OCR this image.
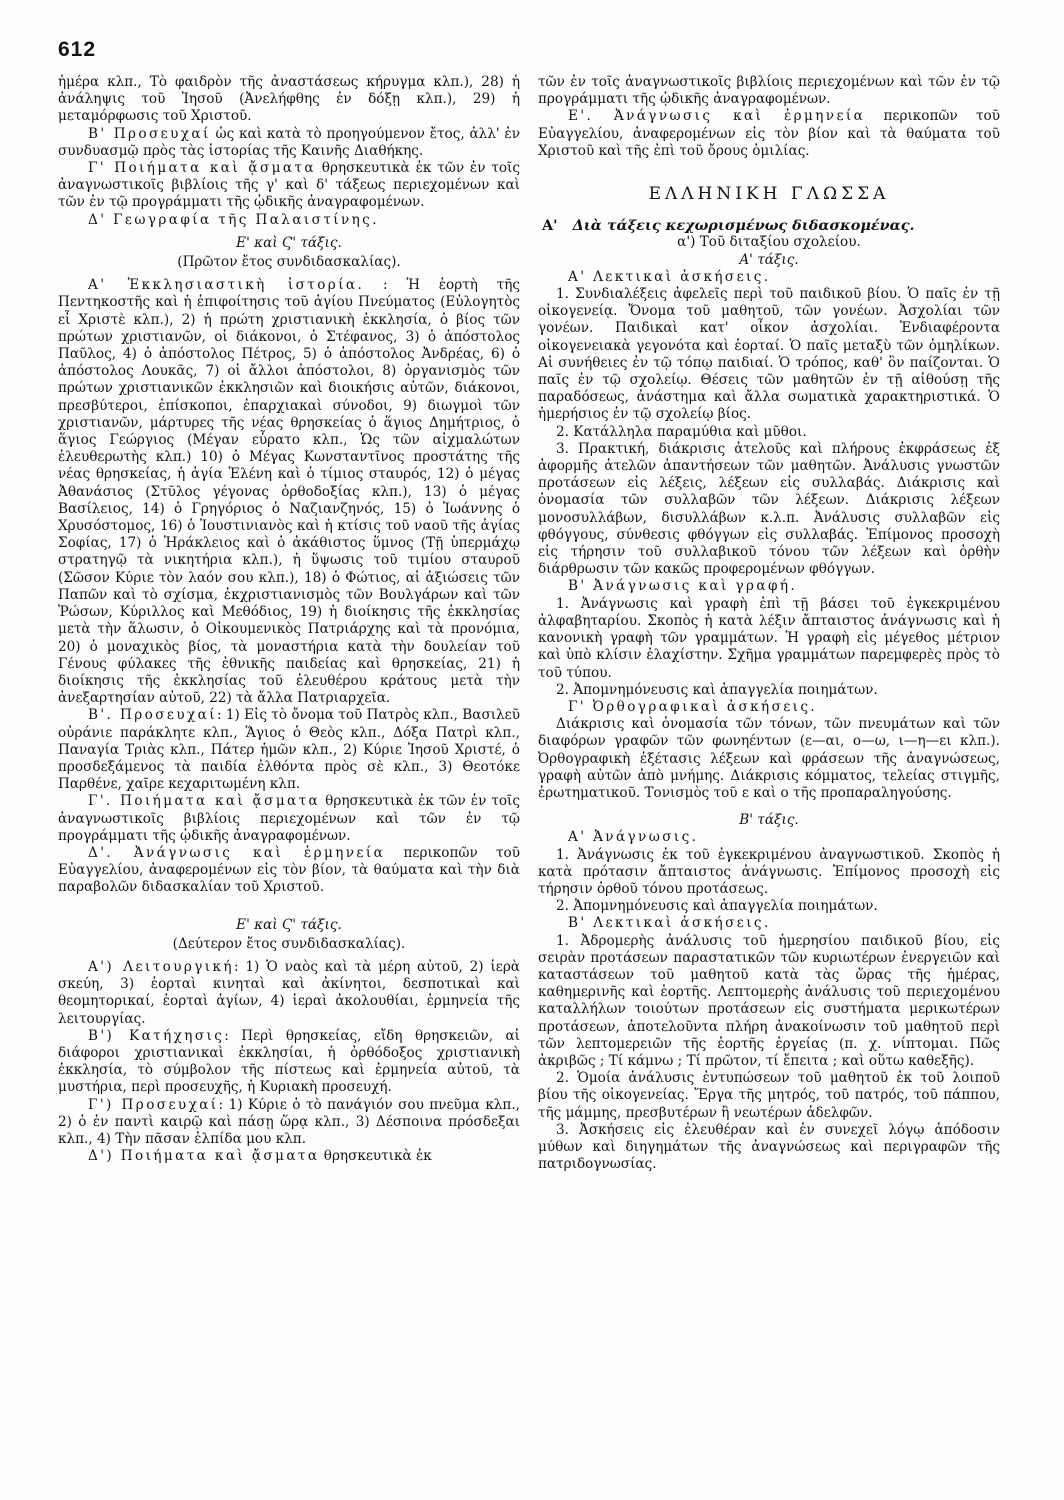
612

ἡμέρα κλπ., Τὸ φαιδρὸν τῆς ἀναστάσεως κήρυγμα κλπ.), 28) ἡ ἀνάληψις τοῦ Ἰησοῦ (Ἀνελήφθης ἐν δόξῃ κλπ.), 29) ἡ μεταμόρφωσις τοῦ Χριστοῦ.

Β' Προσευχαί ὡς καὶ κατὰ τὸ προηγούμενον ἔτος, ἀλλ' ἐν συνδυασμῷ πρὸς τὰς ἱστορίας τῆς Καινῆς Διαθήκης.

Γ' Ποιήματα καὶ ᾄσματα θρησκευτικὰ ἐκ τῶν ἐν τοῖς ἀναγνωστικοῖς βιβλίοις τῆς γ' καὶ δ' τάξεως περιεχομένων καὶ τῶν ἐν τῷ προγράμματι τῆς ᾠδικῆς ἀναγραφομένων.

Δ' Γεωγραφία τῆς Παλαιστίνης.

Ε' καὶ Ϛ' τάξις.

(Πρῶτον ἔτος συνδιδασκαλίας).

Α' Ἐκκλησιαστικὴ ἱστορία. : Ἡ ἑορτὴ τῆς Πεντηκοστῆς καὶ ἡ ἐπιφοίτησις τοῦ ἁγίου Πνεύματος (Εὐλογητὸς εἶ Χριστὲ κλπ.), 2) ἡ πρώτη χριστιανικὴ ἐκκλησία, ὁ βίος τῶν πρώτων χριστιανῶν, οἱ διάκονοι, ὁ Στέφανος, 3) ὁ ἀπόστολος Παῦλος, 4) ὁ ἀπόστολος Πέτρος, 5) ὁ ἀπόστολος Ἀνδρέας, 6) ὁ ἀπόστολος Λουκᾶς, 7) οἱ ἄλλοι ἀπόστολοι, 8) ὀργανισμὸς τῶν πρώτων χριστιανικῶν ἐκκλησιῶν καὶ διοικήσις αὐτῶν, διάκονοι, πρεσβύτεροι, ἐπίσκοποι, ἐπαρχιακαὶ σύνοδοι, 9) διωγμοὶ τῶν χριστιανῶν, μάρτυρες τῆς νέας θρησκείας ὁ ἅγιος Δημήτριος, ὁ ἅγιος Γεώργιος (Μέγαν εὗρατο κλπ., Ὡς τῶν αἰχμαλώτων ἐλευθερωτὴς κλπ.) 10) ὁ Μέγας Κωνσταντῖνος προστάτης τῆς νέας θρησκείας, ἡ ἁγία Ἑλένη καὶ ὁ τίμιος σταυρός, 12) ὁ μέγας Ἀθανάσιος (Στῦλος γέγονας ὀρθοδοξίας κλπ.), 13) ὁ μέγας Βασίλειος, 14) ὁ Γρηγόριος ὁ Ναζιανζηνός, 15) ὁ Ἰωάννης ὁ Χρυσόστομος, 16) ὁ Ἰουστινιανὸς καὶ ἡ κτίσις τοῦ ναοῦ τῆς ἁγίας Σοφίας, 17) ὁ Ἡράκλειος καὶ ὁ ἀκάθιστος ὕμνος (Τῇ ὑπερμάχῳ στρατηγῷ τὰ νικητήρια κλπ.), ἡ ὕψωσις τοῦ τιμίου σταυροῦ (Σῶσον Κύριε τὸν λαόν σου κλπ.), 18) ὁ Φώτιος, αἱ ἀξιώσεις τῶν Παπῶν καὶ τὸ σχίσμα, ἐκχριστιανισμὸς τῶν Βουλγάρων καὶ τῶν Ῥώσων, Κύριλλος καὶ Μεθόδιος, 19) ἡ διοίκησις τῆς ἐκκλησίας μετὰ τὴν ἅλωσιν, ὁ Οἰκουμενικὸς Πατριάρχης καὶ τὰ προνόμια, 20) ὁ μοναχικὸς βίος, τὰ μοναστήρια κατὰ τὴν δουλείαν τοῦ Γένους φύλακες τῆς ἐθνικῆς παιδείας καὶ θρησκείας, 21) ἡ διοίκησις τῆς ἐκκλησίας τοῦ ἐλευθέρου κράτους μετὰ τὴν ἀνεξαρτησίαν αὐτοῦ, 22) τὰ ἄλλα Πατριαρχεῖα.

Β'. Προσευχαί: 1) Εἰς τὸ ὄνομα τοῦ Πατρὸς κλπ., Βασιλεῦ οὐράνιε παράκλητε κλπ., Ἅγιος ὁ Θεὸς κλπ., Δόξα Πατρὶ κλπ., Παναγία Τριὰς κλπ., Πάτερ ἡμῶν κλπ., 2) Κύριε Ἰησοῦ Χριστέ, ὁ προσδεξάμενος τὰ παιδία ἐλθόντα πρὸς σὲ κλπ., 3) Θεοτόκε Παρθένε, χαῖρε κεχαριτωμένη κλπ.

Γ'. Ποιήματα καὶ ᾄσματα θρησκευτικὰ ἐκ τῶν ἐν τοῖς ἀναγνωστικοῖς βιβλίοις περιεχομένων καὶ τῶν ἐν τῷ προγράμματι τῆς ᾠδικῆς ἀναγραφομένων.

Δ'. Ἀνάγνωσις καὶ ἑρμηνεία περικοπῶν τοῦ Εὐαγγελίου, ἀναφερομένων εἰς τὸν βίον, τὰ θαύματα καὶ τὴν διὰ παραβολῶν διδασκαλίαν τοῦ Χριστοῦ.

Ε' καὶ Ϛ' τάξις.

(Δεύτερον ἔτος συνδιδασκαλίας).

Α') Λειτουργική: 1) Ὁ ναὸς καὶ τὰ μέρη αὐτοῦ, 2) ἱερὰ σκεύη, 3) ἑορταὶ κινηταὶ καὶ ἀκίνητοι, δεσποτικαὶ καὶ θεομητορικαί, ἑορταὶ ἁγίων, 4) ἱεραὶ ἀκολουθίαι, ἑρμηνεία τῆς λειτουργίας.

Β') Κατήχησις: Περὶ θρησκείας, εἴδη θρησκειῶν, αἱ διάφοροι χριστιανικαὶ ἐκκλησίαι, ἡ ὀρθόδοξος χριστιανικὴ ἐκκλησία, τὸ σύμβολον τῆς πίστεως καὶ ἑρμηνεία αὐτοῦ, τὰ μυστήρια, περὶ προσευχῆς, ἡ Κυριακὴ προσευχή.

Γ') Προσευχαί: 1) Κύριε ὁ τὸ πανάγιόν σου πνεῦμα κλπ., 2) ὁ ἐν παντὶ καιρῷ καὶ πάσῃ ὥρᾳ κλπ., 3) Δέσποινα πρόσδεξαι κλπ., 4) Τὴν πᾶσαν ἐλπίδα μου κλπ.

Δ') Ποιήματα καὶ ᾄσματα θρησκευτικὰ ἐκ

τῶν ἐν τοῖς ἀναγνωστικοῖς βιβλίοις περιεχομένων καὶ τῶν ἐν τῷ προγράμματι τῆς ᾠδικῆς ἀναγραφομένων.

Ε'. Ἀνάγνωσις καὶ ἑρμηνεία περικοπῶν τοῦ Εὐαγγελίου, ἀναφερομένων εἰς τὸν βίον καὶ τὰ θαύματα τοῦ Χριστοῦ καὶ τῆς ἐπὶ τοῦ ὄρους ὁμιλίας.

ΕΛΛΗΝΙΚΗ ΓΛΩΣΣΑ

Α' Διὰ τάξεις κεχωρισμένως διδασκομένας.

α') Τοῦ διταξίου σχολείου.

Α' τάξις.

Α' Λεκτικαὶ ἀσκήσεις.

1. Συνδιαλέξεις ἀφελεῖς περὶ τοῦ παιδικοῦ βίου. Ὁ παῖς ἐν τῇ οἰκογενείᾳ. Ὄνομα τοῦ μαθητοῦ, τῶν γονέων. Ἀσχολίαι τῶν γονέων. Παιδικαὶ κατ' οἶκον ἀσχολίαι. Ἐνδιαφέροντα οἰκογενειακὰ γεγονότα καὶ ἑορταί. Ὁ παῖς μεταξὺ τῶν ὁμηλίκων. Αἱ συνήθειες ἐν τῷ τόπῳ παιδιαί. Ὁ τρόπος, καθ' ὃν παίζονται. Ὁ παῖς ἐν τῷ σχολείῳ. Θέσεις τῶν μαθητῶν ἐν τῇ αἰθούσῃ τῆς παραδόσεως, ἀνάστημα καὶ ἄλλα σωματικὰ χαρακτηριστικά. Ὁ ἡμερήσιος ἐν τῷ σχολείῳ βίος.

2. Κατάλληλα παραμύθια καὶ μῦθοι.

3. Πρακτική, διάκρισις ἀτελοῦς καὶ πλήρους ἐκφράσεως ἐξ ἀφορμῆς ἀτελῶν ἀπαντήσεων τῶν μαθητῶν. Ἀνάλυσις γνωστῶν προτάσεων εἰς λέξεις, λέξεων εἰς συλλαβάς. Διάκρισις καὶ ὀνομασία τῶν συλλαβῶν τῶν λέξεων. Διάκρισις λέξεων μονοσυλλάβων, δισυλλάβων κ.λ.π. Ἀνάλυσις συλλαβῶν εἰς φθόγγους, σύνθεσις φθόγγων εἰς συλλαβάς. Ἐπίμονος προσοχὴ εἰς τήρησιν τοῦ συλλαβικοῦ τόνου τῶν λέξεων καὶ ὀρθὴν διάρθρωσιν τῶν κακῶς προφερομένων φθόγγων.

Β' Ἀνάγνωσις καὶ γραφή.

1. Ἀνάγνωσις καὶ γραφὴ ἐπὶ τῇ βάσει τοῦ ἐγκεκριμένου ἀλφαβηταρίου. Σκοπὸς ἡ κατὰ λέξιν ἄπταιστος ἀνάγνωσις καὶ ἡ κανονικὴ γραφὴ τῶν γραμμάτων. Ἡ γραφὴ εἰς μέγεθος μέτριον καὶ ὑπὸ κλίσιν ἐλαχίστην. Σχῆμα γραμμάτων παρεμφερὲς πρὸς τὸ τοῦ τύπου.

2. Ἀπομνημόνευσις καὶ ἀπαγγελία ποιημάτων.

Γ' Ὀρθογραφικαὶ ἀσκήσεις.

Διάκρισις καὶ ὀνομασία τῶν τόνων, τῶν πνευμάτων καὶ τῶν διαφόρων γραφῶν τῶν φωνηέντων (ε—αι, ο—ω, ι—η—ει κλπ.). Ὀρθογραφικὴ ἐξέτασις λέξεων καὶ φράσεων τῆς ἀναγνώσεως, γραφὴ αὐτῶν ἀπὸ μνήμης. Διάκρισις κόμματος, τελείας στιγμῆς, ἐρωτηματικοῦ. Τονισμὸς τοῦ ε καὶ ο τῆς προπαραληγούσης.

Β' τάξις.

Α' Ἀνάγνωσις.

1. Ἀνάγνωσις ἐκ τοῦ ἐγκεκριμένου ἀναγνωστικοῦ. Σκοπὸς ἡ κατὰ πρότασιν ἄπταιστος ἀνάγνωσις. Ἐπίμονος προσοχὴ εἰς τήρησιν ὀρθοῦ τόνου προτάσεως.

2. Ἀπομνημόνευσις καὶ ἀπαγγελία ποιημάτων.

Β' Λεκτικαὶ ἀσκήσεις.

1. Ἀδρομερὴς ἀνάλυσις τοῦ ἡμερησίου παιδικοῦ βίου, εἰς σειρὰν προτάσεων παραστατικῶν τῶν κυριωτέρων ἐνεργειῶν καὶ καταστάσεων τοῦ μαθητοῦ κατὰ τὰς ὥρας τῆς ἡμέρας, καθημερινῆς καὶ ἑορτῆς. Λεπτομερὴς ἀνάλυσις τοῦ περιεχομένου καταλλήλων τοιούτων προτάσεων εἰς συστήματα μερικωτέρων προτάσεων, ἀποτελοῦντα πλήρη ἀνακοίνωσιν τοῦ μαθητοῦ περὶ τῶν λεπτομερειῶν τῆς ἑορτῆς ἐργείας (π. χ. νίπτομαι. Πῶς ἀκριβῶς ; Τί κάμνω ; Τί πρῶτον, τί ἔπειτα ; καὶ οὕτω καθεξῆς).

2. Ὁμοία ἀνάλυσις ἐντυπώσεων τοῦ μαθητοῦ ἐκ τοῦ λοιποῦ βίου τῆς οἰκογενείας. Ἔργα τῆς μητρός, τοῦ πατρός, τοῦ πάππου, τῆς μάμμης, πρεσβυτέρων ἢ νεωτέρων ἀδελφῶν.

3. Ἀσκήσεις εἰς ἐλευθέραν καὶ ἐν συνεχεῖ λόγῳ ἀπόδοσιν μύθων καὶ διηγημάτων τῆς ἀναγνώσεως καὶ περιγραφῶν τῆς πατριδογνωσίας.
